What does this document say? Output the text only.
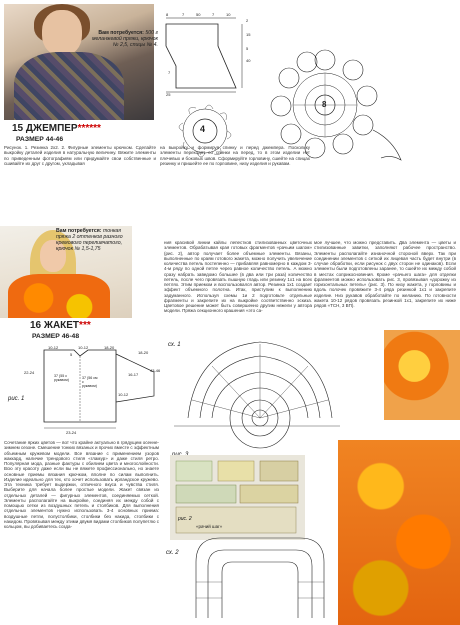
Вам потребуется: 500 г меланжевой пряжи, крючок № 2,5, спицы № 4.
15 ДЖЕМПЕР******
РАЗМЕР 44-46
Рисунок. 1. Резинка 2x2. 2. Фигурные элементы крючком. Сделайте выкройку деталей изделия в натуральную величину. Вяжите элементы по приведенным фотографиям или придумайте свои собственные и сшивайте их друг с другом, укладывая
8	7	50	7	10
2
15
5
40
7
25
4
8
на выкройку и формируя спинку и перед джемпера. Поскольку элементы переходят со спинки на перед, то в этом изделии нет плечевых и боковых швов. Сформируйте горловину, сшейте на спицах резинку и пришейте ее по горловине, низу изделия и рукавам.
Вам потребуется: тонкая пряжа 2 оттенков разного кремового переливчатого, крючок № 1,5-1,75
16 ЖАКЕТ***
РАЗМЕР 46-48
10-12	10-12
5
18-20
18-20
22-24
37 (55 с рукавом)
10-12
16-17
23-24
37 (56 см с рукавом)
43-46
рис. 1
Сочетание ярких цветов — вот что крайне актуально в грядущем осенне-зимнем сезоне. Смешение тонких вязаных и прочих вместе с эффектным объемным кружевом модели. Все вязание с применением узоров жаккард, наличие трендового стиля «гламур» и даже стиля ретро. Популярная мода, разные фактуры с обилием цвета и многослойности. Всю эту красоту даже если вы не вяжете профессионально, но знаете основные приемы вязания крючком, вполне по силам выполнить. Изделие идеально для тех, кто хочет использовать ирландское кружево. Эта техника требует выдержки, отличного вкуса и чувства стиля. Выберите для начала более простые модели. Жакет связан из отдельных деталей — фигурных элементов, соединяемых сеткой. Элементы располагайте на выкройке, соединяя их между собой с помощью сетки из воздушных петель и столбиков. Для выполнения отдельных элементов нужно использовать 3-4 основных приема: воздушные петли, полустолбики, столбики без накида, столбики с накидом. Провязывая между этими двумя видами столбиков полупетлю с кольцом, вы добиваетесь созда-
ния красивой линии кайлы лепестков стилизованных цветочных элементов. Обрабатывая края готовых фрагментов «рачьим шагом» (рис. 2), автор получает более объемные элементы. Вязаны, выполненные по краям готового жакета, можно получить увеличение количества петель постепенно — прибавляя равномерно в каждом 3-4-м ряду по одной петле через равное количество петель. А можно сразу набрать заведомо большее (в два или три раза) количество петель, после чего провязать пышную гладь или резинку 1х1 на всех петлях. Этим приемом и воспользовался автор. Резинка 1х1 создает эффект объемного полотна. Итак, приступим к выполнению задуманного. Используя схемы 1и 2 подготовьте отдельные фрагменты и закрепите их на выкройке соответственно эскиза. Цветовое решение может быть совершенно другим нежели у автора модели. Пряжа секционного крашения «это са-
мое лучшее, что можно представить. Два элемента — цветы и стилизованные завитки, заполняют рабочее пространство. Элементы располагайте изнаночной стороной вверх. Так при соединении элементов с сеткой их лицевая часть будет внутри (в случае обработки, если рисунок с двух сторон не одинаков). Если элементы были подготовлены заранее, то сшейте их между собой в местах соприкосновения. Кроме «рачьего шага» для отделки фрагментов можно использовать рис. 3, провязывая «дорожку из горизонтальных петель» (рис. 3). По низу жакета, у горловины и вдоль полочек провяжите 3-4 ряда резинкой 1х1 и закрепите изделие. Низ рукавов обработайте по желанию. По готовности жакета 10-12 рядов провязать резинкой 1х1, закрепите их ниже рядов «ТСН, 3 ВП).
сх. 1
рис. 2
«рачий шаг»
сх. 2
